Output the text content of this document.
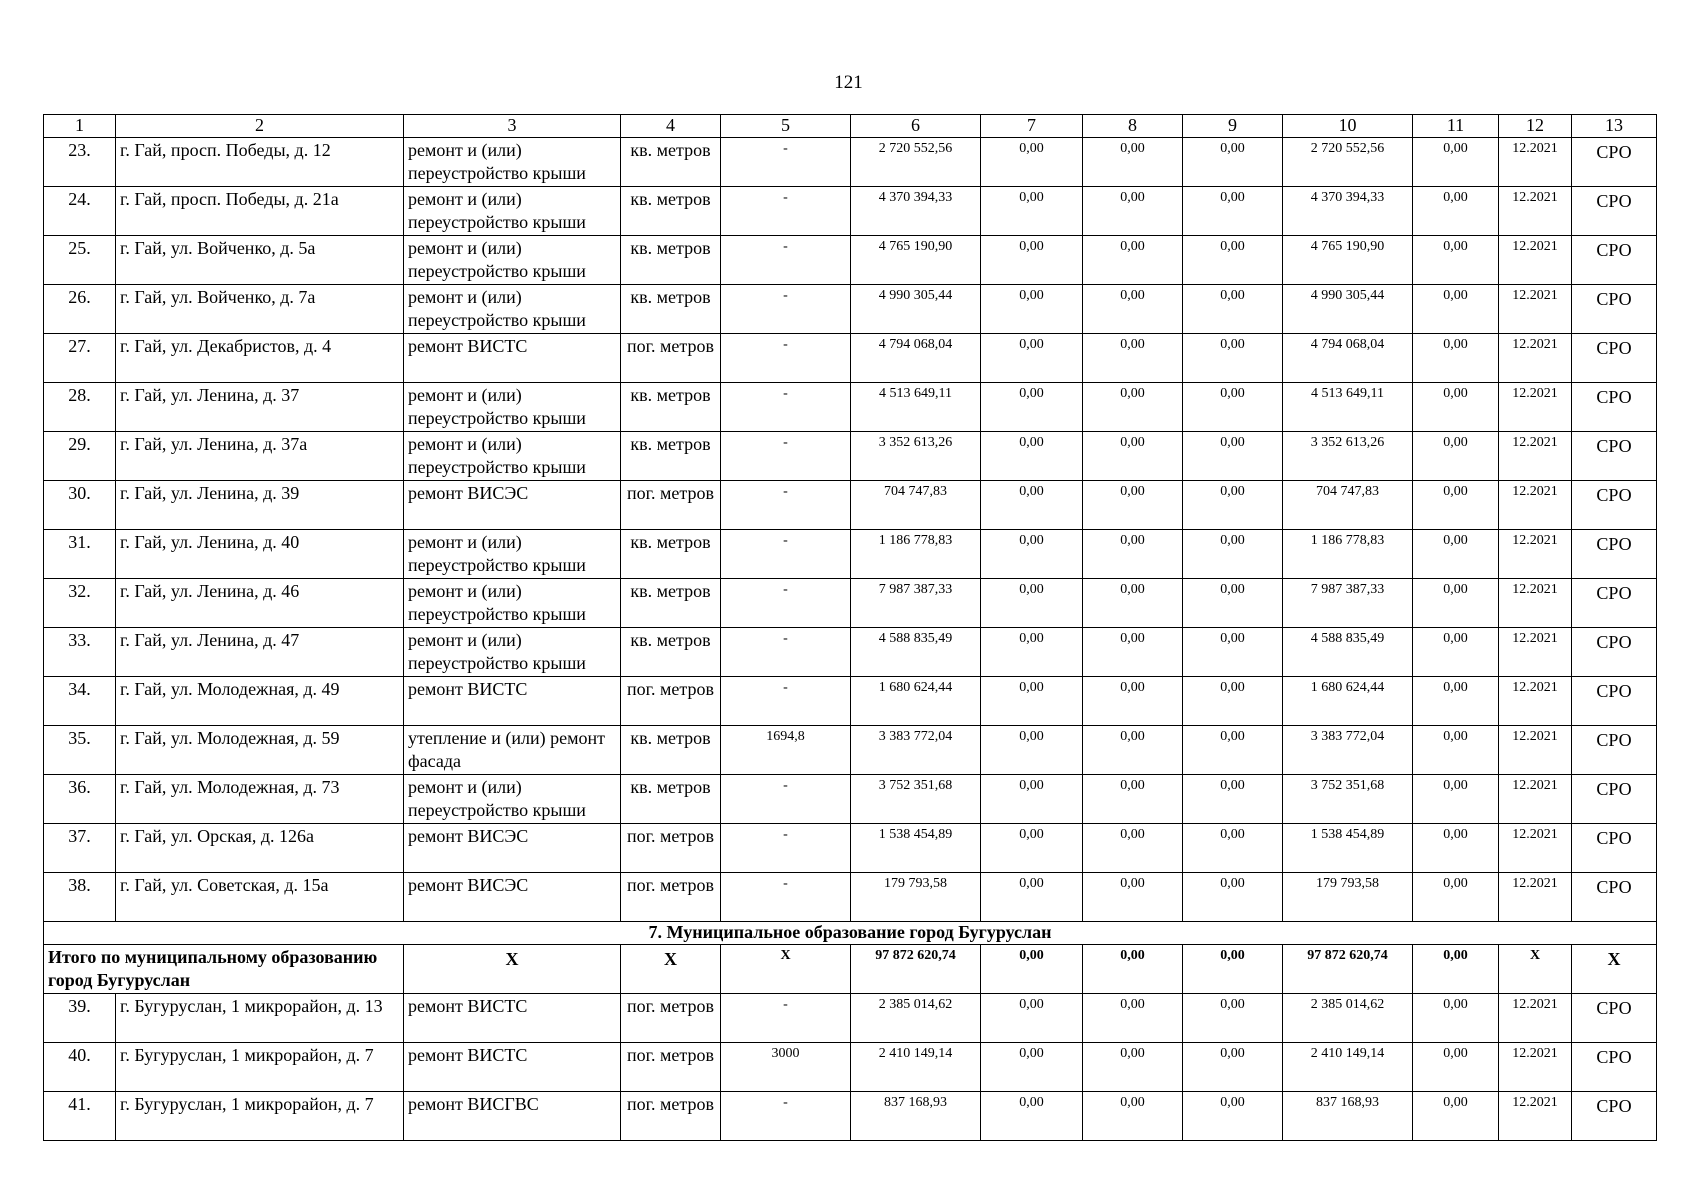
121
1	2	3	4	5	6	7	8	9	10	11	12	13
23.	г. Гай, просп. Победы, д. 12	ремонт и (или) переустройство крыши	кв. метров	-	2 720 552,56	0,00	0,00	0,00	2 720 552,56	0,00	12.2021	СРО
24.	г. Гай, просп. Победы, д. 21а	ремонт и (или) переустройство крыши	кв. метров	-	4 370 394,33	0,00	0,00	0,00	4 370 394,33	0,00	12.2021	СРО
25.	г. Гай, ул. Войченко, д. 5а	ремонт и (или) переустройство крыши	кв. метров	-	4 765 190,90	0,00	0,00	0,00	4 765 190,90	0,00	12.2021	СРО
26.	г. Гай, ул. Войченко, д. 7а	ремонт и (или) переустройство крыши	кв. метров	-	4 990 305,44	0,00	0,00	0,00	4 990 305,44	0,00	12.2021	СРО
27.	г. Гай, ул. Декабристов, д. 4	ремонт ВИСТС	пог. метров	-	4 794 068,04	0,00	0,00	0,00	4 794 068,04	0,00	12.2021	СРО
28.	г. Гай, ул. Ленина, д. 37	ремонт и (или) переустройство крыши	кв. метров	-	4 513 649,11	0,00	0,00	0,00	4 513 649,11	0,00	12.2021	СРО
29.	г. Гай, ул. Ленина, д. 37а	ремонт и (или) переустройство крыши	кв. метров	-	3 352 613,26	0,00	0,00	0,00	3 352 613,26	0,00	12.2021	СРО
30.	г. Гай, ул. Ленина, д. 39	ремонт ВИСЭС	пог. метров	-	704 747,83	0,00	0,00	0,00	704 747,83	0,00	12.2021	СРО
31.	г. Гай, ул. Ленина, д. 40	ремонт и (или) переустройство крыши	кв. метров	-	1 186 778,83	0,00	0,00	0,00	1 186 778,83	0,00	12.2021	СРО
32.	г. Гай, ул. Ленина, д. 46	ремонт и (или) переустройство крыши	кв. метров	-	7 987 387,33	0,00	0,00	0,00	7 987 387,33	0,00	12.2021	СРО
33.	г. Гай, ул. Ленина, д. 47	ремонт и (или) переустройство крыши	кв. метров	-	4 588 835,49	0,00	0,00	0,00	4 588 835,49	0,00	12.2021	СРО
34.	г. Гай, ул. Молодежная, д. 49	ремонт ВИСТС	пог. метров	-	1 680 624,44	0,00	0,00	0,00	1 680 624,44	0,00	12.2021	СРО
35.	г. Гай, ул. Молодежная, д. 59	утепление и (или) ремонт фасада	кв. метров	1694,8	3 383 772,04	0,00	0,00	0,00	3 383 772,04	0,00	12.2021	СРО
36.	г. Гай, ул. Молодежная, д. 73	ремонт и (или) переустройство крыши	кв. метров	-	3 752 351,68	0,00	0,00	0,00	3 752 351,68	0,00	12.2021	СРО
37.	г. Гай, ул. Орская, д. 126а	ремонт ВИСЭС	пог. метров	-	1 538 454,89	0,00	0,00	0,00	1 538 454,89	0,00	12.2021	СРО
38.	г. Гай, ул. Советская, д. 15а	ремонт ВИСЭС	пог. метров	-	179 793,58	0,00	0,00	0,00	179 793,58	0,00	12.2021	СРО
7. Муниципальное образование город Бугуруслан												
Итого по муниципальному образованию город Бугуруслан		X	X	X	97 872 620,74	0,00	0,00	0,00	97 872 620,74	0,00	X	X
39.	г. Бугуруслан, 1 микрорайон, д. 13	ремонт ВИСТС	пог. метров	-	2 385 014,62	0,00	0,00	0,00	2 385 014,62	0,00	12.2021	СРО
40.	г. Бугуруслан, 1 микрорайон, д. 7	ремонт ВИСТС	пог. метров	3000	2 410 149,14	0,00	0,00	0,00	2 410 149,14	0,00	12.2021	СРО
41.	г. Бугуруслан, 1 микрорайон, д. 7	ремонт ВИСГВС	пог. метров	-	837 168,93	0,00	0,00	0,00	837 168,93	0,00	12.2021	СРО
